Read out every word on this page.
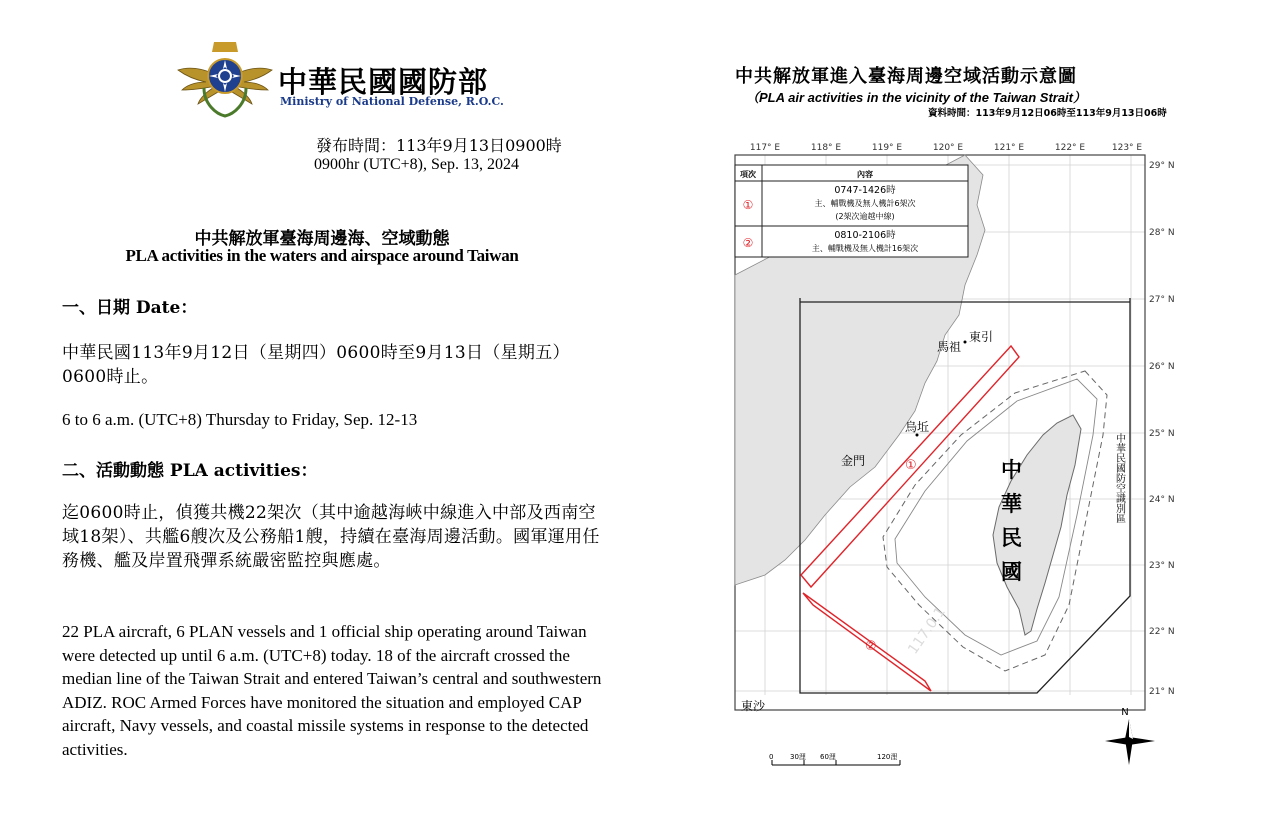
中華民國國防部
Ministry of National Defense, R.O.C.
發布時間：113年9月13日0900時
0900hr (UTC+8), Sep. 13, 2024
中共解放軍臺海周邊海、空域動態
PLA activities in the waters and airspace around Taiwan
一、日期 Date：
中華民國113年9月12日（星期四）0600時至9月13日（星期五）0600時止。
6 to 6 a.m. (UTC+8) Thursday to Friday, Sep. 12-13
二、活動動態 PLA activities：
迄0600時止，偵獲共機22架次（其中逾越海峽中線進入中部及西南空域18架）、共艦6艘次及公務船1艘，持續在臺海周邊活動。國軍運用任務機、艦及岸置飛彈系統嚴密監控與應處。
22 PLA aircraft, 6 PLAN vessels and 1 official ship operating around Taiwan were detected up until 6 a.m. (UTC+8) today. 18 of the aircraft crossed the median line of the Taiwan Strait and entered Taiwan’s central and southwestern ADIZ. ROC Armed Forces have monitored the situation and employed CAP aircraft, Navy vessels, and coastal missile systems in response to the detected activities.
中共解放軍進入臺海周邊空域活動示意圖
（PLA air activities in the vicinity of the Taiwan Strait）
資料時間：113年9月12日06時至113年9月13日06時
①
② 117.0.1
東引
馬祖
烏坵
金門
東沙
中
華
民
國
中華民國防空識別區
117° E	118° E	119° E	120° E	121° E	122° E	123° E
29° N
28° N
27° N
26° N
25° N
24° N
23° N
22° N
21° N
項次	內容
①
0747-1426時
主、輔戰機及無人機計6架次
(2架次逾越中線)
②
0810-2106時
主、輔戰機及無人機計16架次
0 30浬 60浬	120浬
N
